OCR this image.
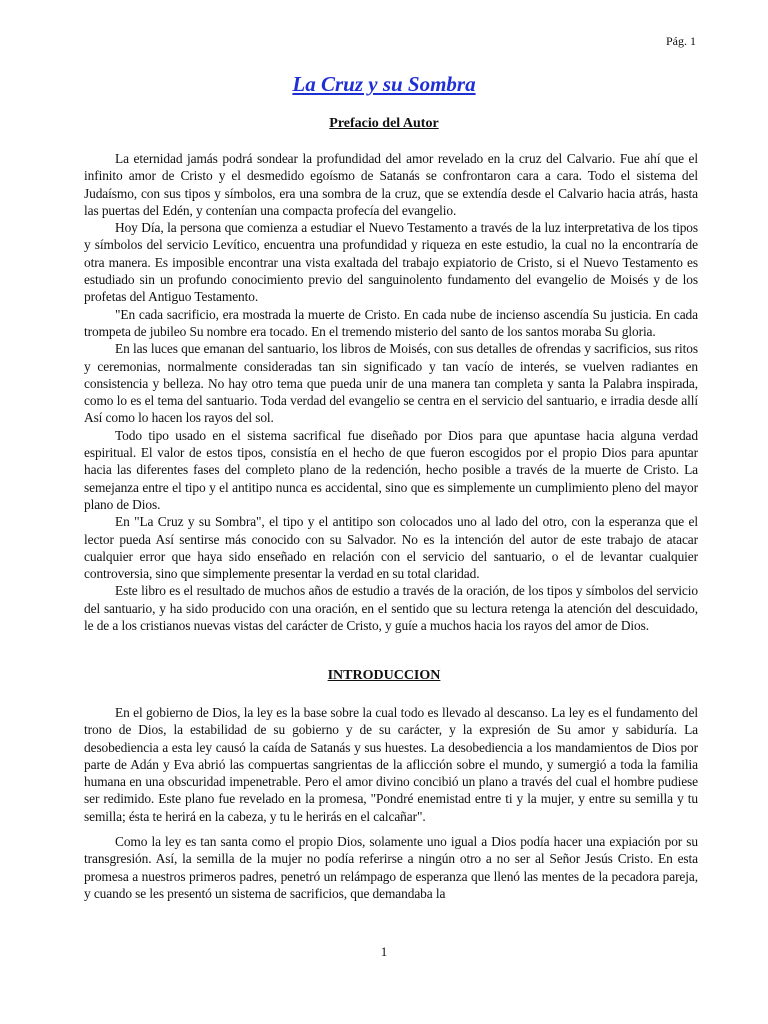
Pág. 1
La Cruz y su Sombra
Prefacio del Autor

La eternidad jamás podrá sondear la profundidad del amor revelado en la cruz del Calvario. Fue ahí que el infinito amor de Cristo y el desmedido egoísmo de Satanás se confrontaron cara a cara. Todo el sistema del Judaísmo, con sus tipos y símbolos, era una sombra de la cruz, que se extendía desde el Calvario hacia atrás, hasta las puertas del Edén, y contenían una compacta profecía del evangelio.

Hoy Día, la persona que comienza a estudiar el Nuevo Testamento a través de la luz interpretativa de los tipos y símbolos del servicio Levítico, encuentra una profundidad y riqueza en este estudio, la cual no la encontraría de otra manera. Es imposible encontrar una vista exaltada del trabajo expiatorio de Cristo, si el Nuevo Testamento es estudiado sin un profundo conocimiento previo del sanguinolento fundamento del evangelio de Moisés y de los profetas del Antiguo Testamento.

"En cada sacrificio, era mostrada la muerte de Cristo. En cada nube de incienso ascendía Su justicia. En cada trompeta de jubileo Su nombre era tocado. En el tremendo misterio del santo de los santos moraba Su gloria.

En las luces que emanan del santuario, los libros de Moisés, con sus detalles de ofrendas y sacrificios, sus ritos y ceremonias, normalmente consideradas tan sin significado y tan vacío de interés, se vuelven radiantes en consistencia y belleza. No hay otro tema que pueda unir de una manera tan completa y santa la Palabra inspirada, como lo es el tema del santuario. Toda verdad del evangelio se centra en el servicio del santuario, e irradia desde allí Así como lo hacen los rayos del sol.

Todo tipo usado en el sistema sacrifical fue diseñado por Dios para que apuntase hacia alguna verdad espiritual. El valor de estos tipos, consistía en el hecho de que fueron escogidos por el propio Dios para apuntar hacia las diferentes fases del completo plano de la redención, hecho posible a través de la muerte de Cristo. La semejanza entre el tipo y el antitipo nunca es accidental, sino que es simplemente un cumplimiento pleno del mayor plano de Dios.

En "La Cruz y su Sombra", el tipo y el antitipo son colocados uno al lado del otro, con la esperanza que el lector pueda Así sentirse más conocido con su Salvador. No es la intención del autor de este trabajo de atacar cualquier error que haya sido enseñado en relación con el servicio del santuario, o el de levantar cualquier controversia, sino que simplemente presentar la verdad en su total claridad.

Este libro es el resultado de muchos años de estudio a través de la oración, de los tipos y símbolos del servicio del santuario, y ha sido producido con una oración, en el sentido que su lectura retenga la atención del descuidado, le de a los cristianos nuevas vistas del carácter de Cristo, y guíe a muchos hacia los rayos del amor de Dios.

INTRODUCCION

En el gobierno de Dios, la ley es la base sobre la cual todo es llevado al descanso. La ley es el fundamento del trono de Dios, la estabilidad de su gobierno y de su carácter, y la expresión de Su amor y sabiduría. La desobediencia a esta ley causó la caída de Satanás y sus huestes. La desobediencia a los mandamientos de Dios por parte de Adán y Eva abrió las compuertas sangrientas de la aflicción sobre el mundo, y sumergió a toda la familia humana en una obscuridad impenetrable. Pero el amor divino concibió un plano a través del cual el hombre pudiese ser redimido. Este plano fue revelado en la promesa, "Pondré enemistad entre ti y la mujer, y entre su semilla y tu semilla; ésta te herirá en la cabeza, y tu le herirás en el calcañar".

Como la ley es tan santa como el propio Dios, solamente uno igual a Dios podía hacer una expiación por su transgresión. Así, la semilla de la mujer no podía referirse a ningún otro a no ser al Señor Jesús Cristo. En esta promesa a nuestros primeros padres, penetró un relámpago de esperanza que llenó las mentes de la pecadora pareja, y cuando se les presentó un sistema de sacrificios, que demandaba la

1
